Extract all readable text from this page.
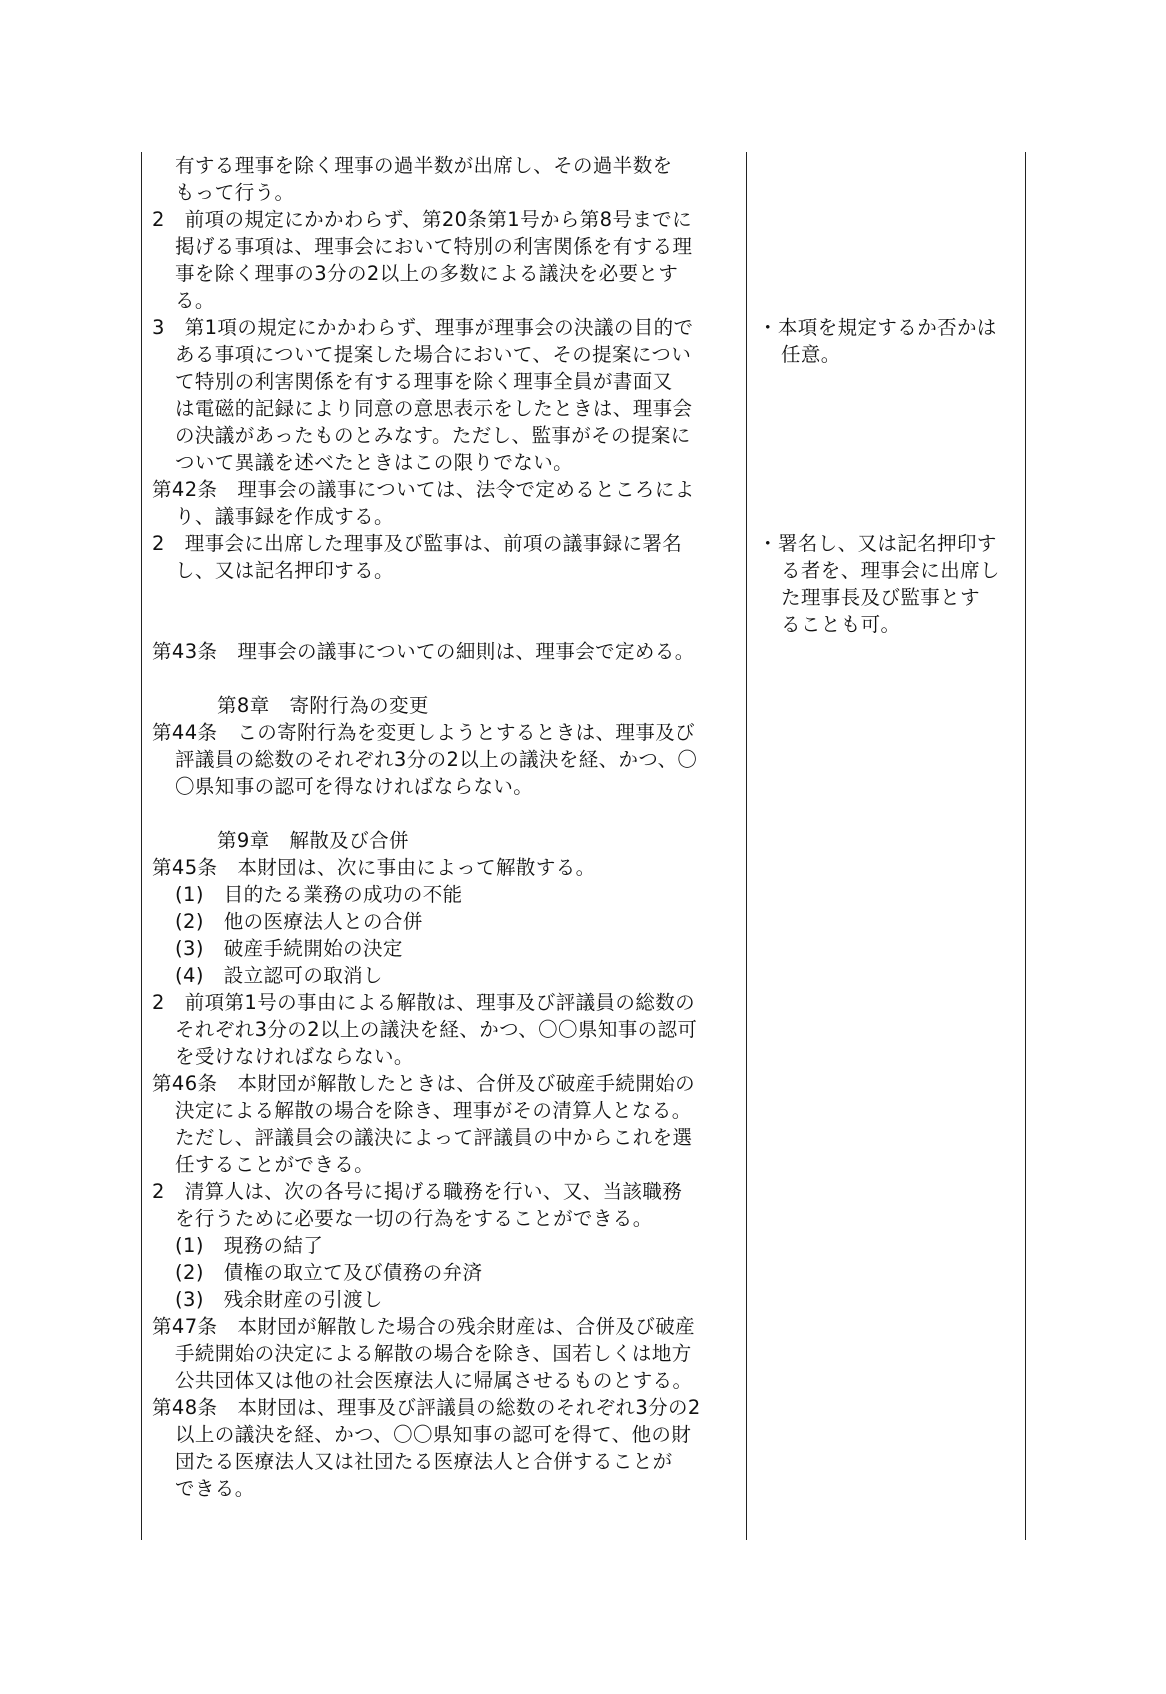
有する理事を除く理事の過半数が出席し、その過半数を
もって行う。
2　前項の規定にかかわらず、第20条第1号から第8号までに
掲げる事項は、理事会において特別の利害関係を有する理
事を除く理事の3分の2以上の多数による議決を必要とす
る。
3　第1項の規定にかかわらず、理事が理事会の決議の目的で
ある事項について提案した場合において、その提案につい
て特別の利害関係を有する理事を除く理事全員が書面又
は電磁的記録により同意の意思表示をしたときは、理事会
の決議があったものとみなす。ただし、監事がその提案に
ついて異議を述べたときはこの限りでない。
第42条　理事会の議事については、法令で定めるところによ
り、議事録を作成する。
2　理事会に出席した理事及び監事は、前項の議事録に署名
し、又は記名押印する。
第43条　理事会の議事についての細則は、理事会で定める。
第8章　寄附行為の変更
第44条　この寄附行為を変更しようとするときは、理事及び
評議員の総数のそれぞれ3分の2以上の議決を経、かつ、〇
〇県知事の認可を得なければならない。
第9章　解散及び合併
第45条　本財団は、次に事由によって解散する。
(1)　目的たる業務の成功の不能
(2)　他の医療法人との合併
(3)　破産手続開始の決定
(4)　設立認可の取消し
2　前項第1号の事由による解散は、理事及び評議員の総数の
それぞれ3分の2以上の議決を経、かつ、〇〇県知事の認可
を受けなければならない。
第46条　本財団が解散したときは、合併及び破産手続開始の
決定による解散の場合を除き、理事がその清算人となる。
ただし、評議員会の議決によって評議員の中からこれを選
任することができる。
2　清算人は、次の各号に掲げる職務を行い、又、当該職務
を行うために必要な一切の行為をすることができる。
(1)　現務の結了
(2)　債権の取立て及び債務の弁済
(3)　残余財産の引渡し
第47条　本財団が解散した場合の残余財産は、合併及び破産
手続開始の決定による解散の場合を除き、国若しくは地方
公共団体又は他の社会医療法人に帰属させるものとする。
第48条　本財団は、理事及び評議員の総数のそれぞれ3分の2
以上の議決を経、かつ、〇〇県知事の認可を得て、他の財
団たる医療法人又は社団たる医療法人と合併することが
できる。
・本項を規定するか否かは
任意。
・署名し、又は記名押印す
る者を、理事会に出席し
た理事長及び監事とす
ることも可。
